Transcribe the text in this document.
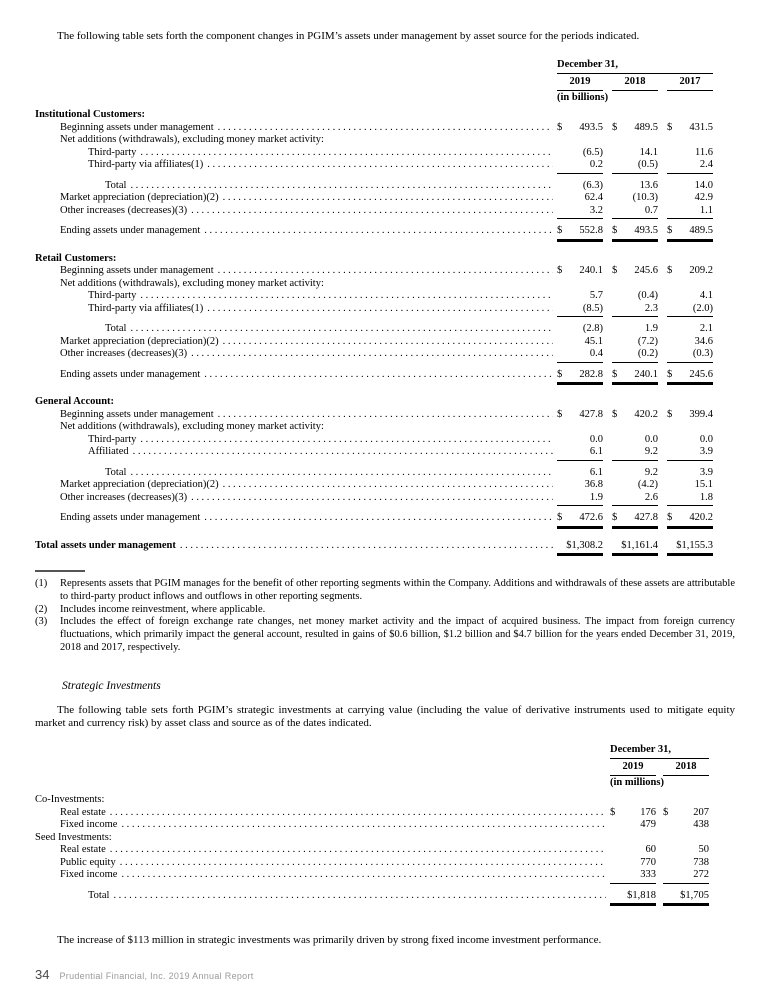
The following table sets forth the component changes in PGIM’s assets under management by asset source for the periods indicated.

December 31,
2019	2018	2017
(in billions)
Institutional Customers:
Beginning assets under management .....	$ 493.5 $ 489.5 $ 431.5
Net additions (withdrawals), excluding money market activity:
Third-party .....	(6.5)	14.1	11.6
Third-party via affiliates(1) .....	0.2	(0.5)	2.4
Total .....	(6.3)	13.6	14.0
Market appreciation (depreciation)(2) .....	62.4	(10.3)	42.9
Other increases (decreases)(3) .....	3.2	0.7	1.1
Ending assets under management .....	$ 552.8 $ 493.5 $ 489.5
Retail Customers:
Beginning assets under management .....	$ 240.1 $ 245.6 $ 209.2
Net additions (withdrawals), excluding money market activity:
Third-party .....	5.7	(0.4)	4.1
Third-party via affiliates(1) .....	(8.5)	2.3	(2.0)
Total .....	(2.8)	1.9	2.1
Market appreciation (depreciation)(2) .....	45.1	(7.2)	34.6
Other increases (decreases)(3) .....	0.4	(0.2)	(0.3)
Ending assets under management .....	$ 282.8 $ 240.1 $ 245.6
General Account:
Beginning assets under management .....	$ 427.8 $ 420.2 $ 399.4
Net additions (withdrawals), excluding money market activity:
Third-party .....	0.0	0.0	0.0
Affiliated .....	6.1	9.2	3.9
Total .....	6.1	9.2	3.9
Market appreciation (depreciation)(2) .....	36.8	(4.2)	15.1
Other increases (decreases)(3) .....	1.9	2.6	1.8
Ending assets under management .....	$ 472.6 $ 427.8 $ 420.2
Total assets under management .....	$1,308.2 $1,161.4 $1,155.3
(1)	Represents assets that PGIM manages for the benefit of other reporting segments within the Company. Additions and withdrawals of these assets are attributable to third-party product inflows and outflows in other reporting segments.
(2)	Includes income reinvestment, where applicable.
(3)	Includes the effect of foreign exchange rate changes, net money market activity and the impact of acquired business. The impact from foreign currency fluctuations, which primarily impact the general account, resulted in gains of $0.6 billion, $1.2 billion and $4.7 billion for the years ended December 31, 2019, 2018 and 2017, respectively.
Strategic Investments

The following table sets forth PGIM’s strategic investments at carrying value (including the value of derivative instruments used to mitigate equity market and currency risk) by asset class and source as of the dates indicated.

December 31,
2019	2018
(in millions)
Co-Investments:
Real estate .....	$ 176 $ 207
Fixed income .....	479	438
Seed Investments:
Real estate .....	60	50
Public equity .....	770	738
Fixed income .....	333	272
Total .....	$1,818 $1,705

The increase of $113 million in strategic investments was primarily driven by strong fixed income investment performance.

34 Prudential Financial, Inc. 2019 Annual Report
